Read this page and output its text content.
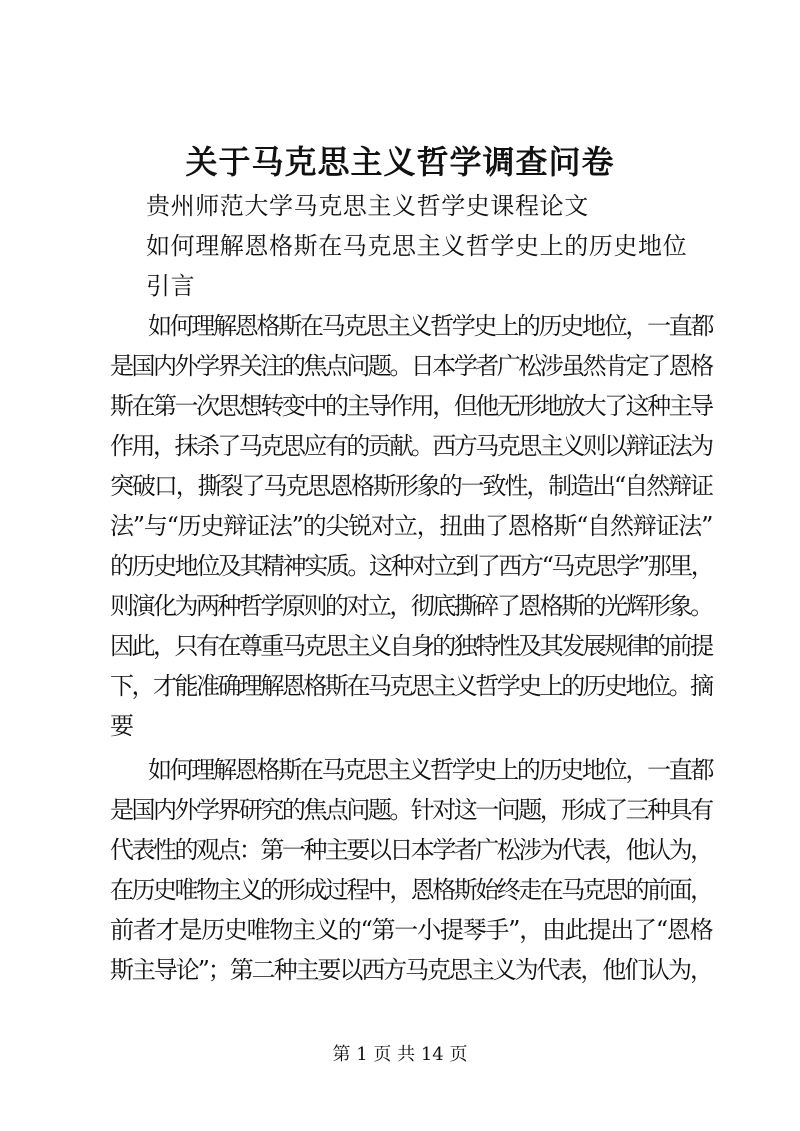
关于马克思主义哲学调查问卷
贵州师范大学马克思主义哲学史课程论文
如何理解恩格斯在马克思主义哲学史上的历史地位
引言
如何理解恩格斯在马克思主义哲学史上的历史地位，一直都
是国内外学界关注的焦点问题。日本学者广松涉虽然肯定了恩格
斯在第一次思想转变中的主导作用，但他无形地放大了这种主导
作用，抹杀了马克思应有的贡献。西方马克思主义则以辩证法为
突破口，撕裂了马克思恩格斯形象的一致性，制造出“自然辩证
法”与“历史辩证法”的尖锐对立，扭曲了恩格斯“自然辩证法”
的历史地位及其精神实质。这种对立到了西方“马克思学”那里，
则演化为两种哲学原则的对立，彻底撕碎了恩格斯的光辉形象。
因此，只有在尊重马克思主义自身的独特性及其发展规律的前提
下，才能准确理解恩格斯在马克思主义哲学史上的历史地位。摘
要
如何理解恩格斯在马克思主义哲学史上的历史地位，一直都
是国内外学界研究的焦点问题。针对这一问题，形成了三种具有
代表性的观点：第一种主要以日本学者广松涉为代表，他认为，
在历史唯物主义的形成过程中，恩格斯始终走在马克思的前面，
前者才是历史唯物主义的“第一小提琴手”，由此提出了“恩格
斯主导论”；第二种主要以西方马克思主义为代表，他们认为，
第 1 页 共 14 页
